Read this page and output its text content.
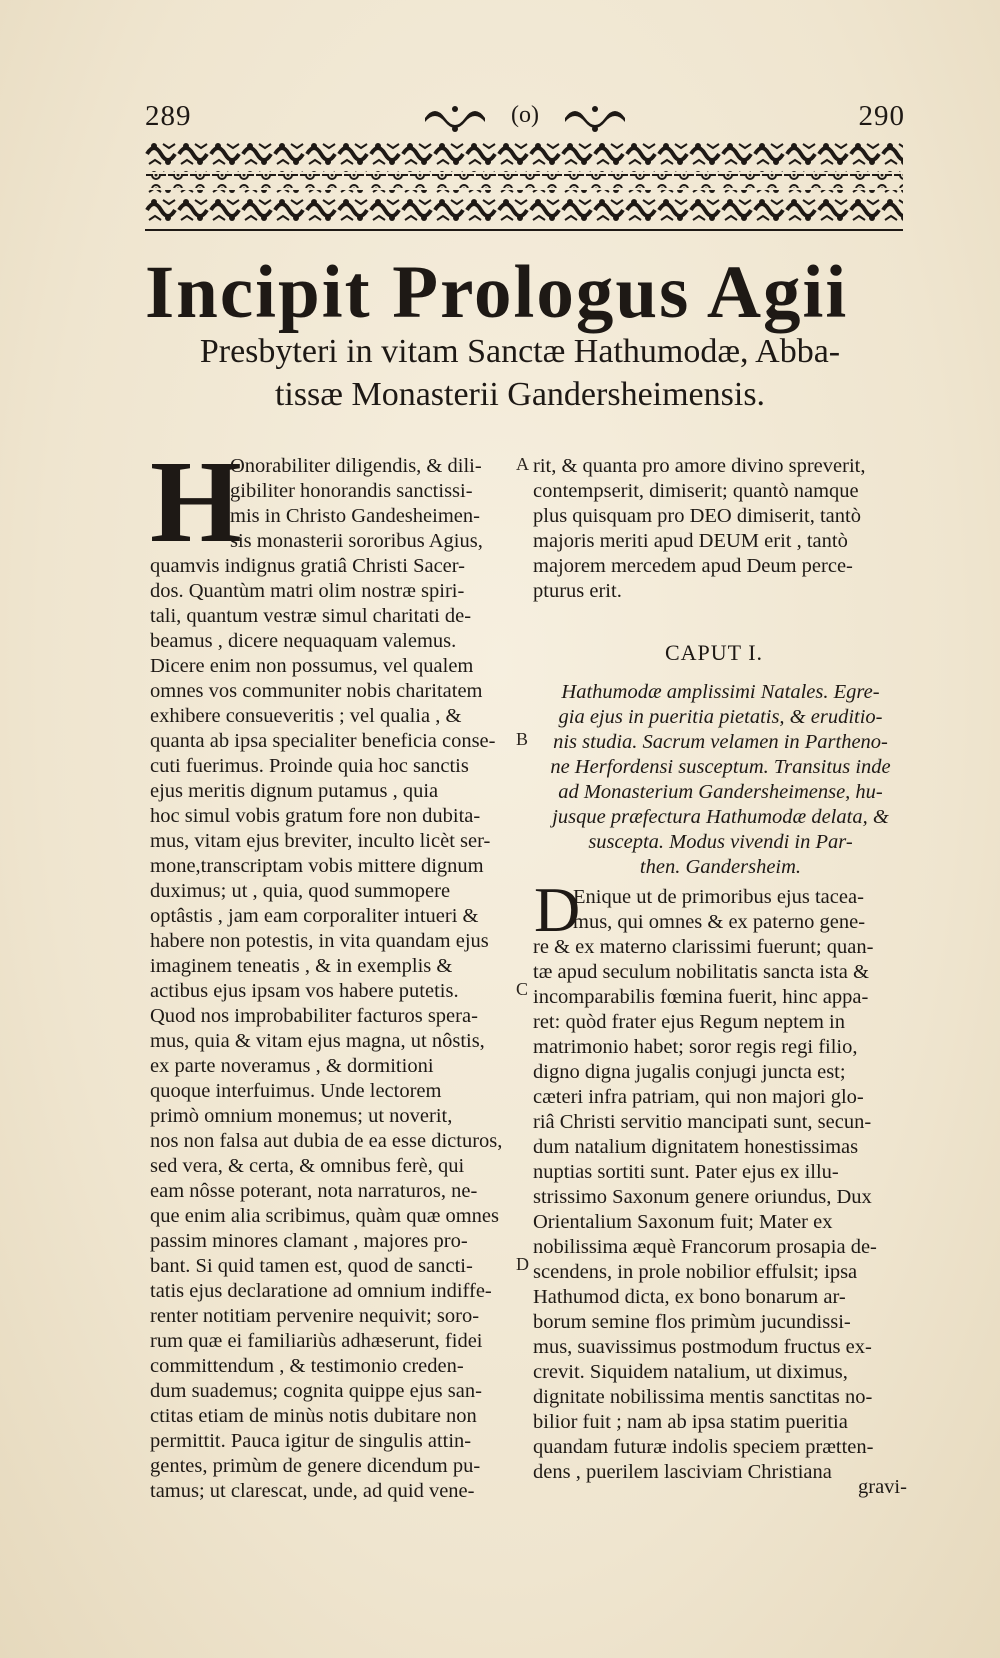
289	(o)	290
Incipit Prologus Agii
Presbyteri in vitam Sanctæ Hathumodæ, Abba-
tissæ Monasterii Gandersheimensis.
H
Onorabiliter diligendis, & dili-
gibiliter honorandis sanctissi-
mis in Christo Gandesheimen-
sis monasterii sororibus Agius,
quamvis indignus gratiâ Christi Sacer-
dos. Quantùm matri olim nostræ spiri-
tali, quantum vestræ simul charitati de-
beamus , dicere nequaquam valemus.
Dicere enim non possumus, vel qualem
omnes vos communiter nobis charitatem
exhibere consueveritis ; vel qualia , &
quanta ab ipsa specialiter beneficia conse-
cuti fuerimus. Proinde quia hoc sanctis
ejus meritis dignum putamus , quia
hoc simul vobis gratum fore non dubita-
mus, vitam ejus breviter, inculto licèt ser-
mone,transcriptam vobis mittere dignum
duximus; ut , quia, quod summopere
optâstis , jam eam corporaliter intueri &
habere non potestis, in vita quandam ejus
imaginem teneatis , & in exemplis &
actibus ejus ipsam vos habere putetis.
Quod nos improbabiliter facturos spera-
mus, quia & vitam ejus magna, ut nôstis,
ex parte noveramus , & dormitioni
quoque interfuimus. Unde lectorem
primò omnium monemus; ut noverit,
nos non falsa aut dubia de ea esse dicturos,
sed vera, & certa, & omnibus ferè, qui
eam nôsse poterant, nota narraturos, ne-
que enim alia scribimus, quàm quæ omnes
passim minores clamant , majores pro-
bant. Si quid tamen est, quod de sancti-
tatis ejus declaratione ad omnium indiffe-
renter notitiam pervenire nequivit; soro-
rum quæ ei familiariùs adhæserunt, fidei
committendum , & testimonio creden-
dum suademus; cognita quippe ejus san-
ctitas etiam de minùs notis dubitare non
permittit. Pauca igitur de singulis attin-
gentes, primùm de genere dicendum pu-
tamus; ut clarescat, unde, ad quid vene-
A
B
C
D
rit, & quanta pro amore divino spreverit,
contempserit, dimiserit; quantò namque
plus quisquam pro DEO dimiserit, tantò
majoris meriti apud DEUM erit , tantò
majorem mercedem apud Deum perce-
pturus erit.
CAPUT I.
Hathumodæ amplissimi Natales. Egre-
gia ejus in pueritia pietatis, & eruditio-
nis studia. Sacrum velamen in Partheno-
ne Herfordensi susceptum. Transitus inde
ad Monasterium Gandersheimense, hu-
jusque præfectura Hathumodæ delata, &
suscepta. Modus vivendi in Par-
then. Gandersheim.
D
Enique ut de primoribus ejus tacea-
mus, qui omnes & ex paterno gene-
re & ex materno clarissimi fuerunt; quan-
tæ apud seculum nobilitatis sancta ista &
incomparabilis fœmina fuerit, hinc appa-
ret: quòd frater ejus Regum neptem in
matrimonio habet; soror regis regi filio,
digno digna jugalis conjugi juncta est;
cæteri infra patriam, qui non majori glo-
riâ Christi servitio mancipati sunt, secun-
dum natalium dignitatem honestissimas
nuptias sortiti sunt. Pater ejus ex illu-
strissimo Saxonum genere oriundus, Dux
Orientalium Saxonum fuit; Mater ex
nobilissima æquè Francorum prosapia de-
scendens, in prole nobilior effulsit; ipsa
Hathumod dicta, ex bono bonarum ar-
borum semine flos primùm jucundissi-
mus, suavissimus postmodum fructus ex-
crevit. Siquidem natalium, ut diximus,
dignitate nobilissima mentis sanctitas no-
bilior fuit ; nam ab ipsa statim pueritia
quandam futuræ indolis speciem prætten-
dens , puerilem lasciviam Christiana
gravi-
